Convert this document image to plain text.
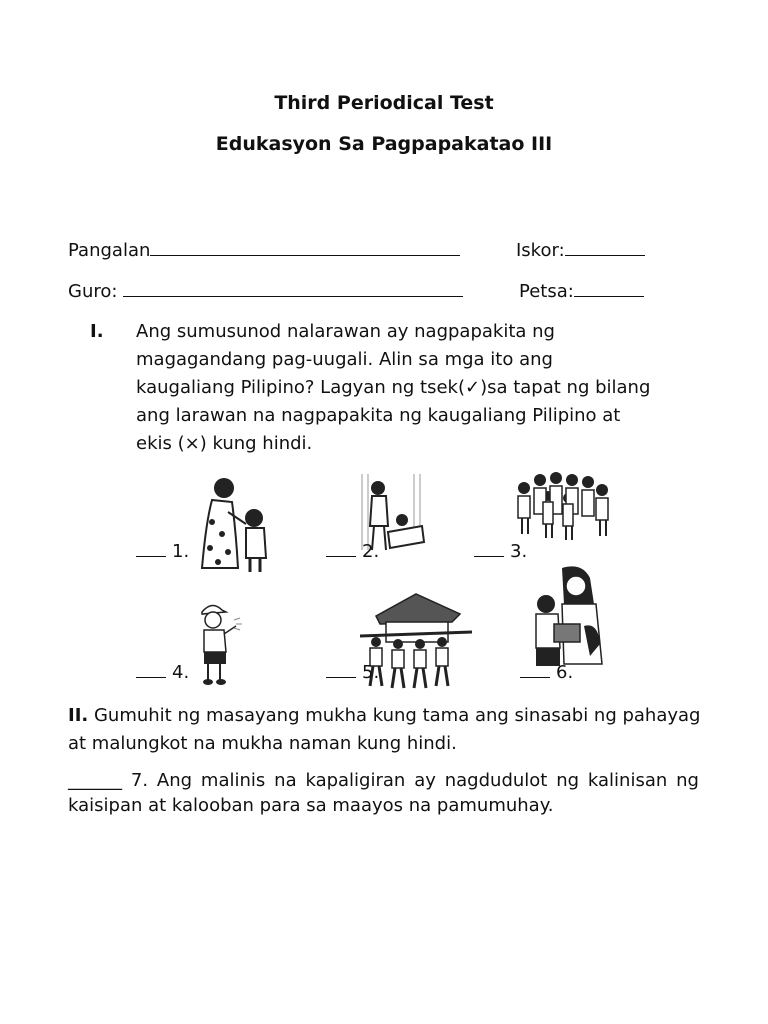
Third Periodical Test
Edukasyon Sa Pagpapakatao III
Pangalan	Iskor:
Guro:	Petsa:
I. Ang sumusunod nalarawan ay nagpapakita ng magagandang pag-uugali. Alin sa mga ito ang kaugaliang Pilipino? Lagyan ng tsek(✓)sa tapat ng bilang ang larawan na nagpapakita ng kaugaliang Pilipino at ekis (×) kung hindi.
1.	2.	3.
4.	5.	6.
II. Gumuhit ng masayang mukha kung tama ang sinasabi ng pahayag at malungkot na mukha naman kung hindi.
______ 7. Ang malinis na kapaligiran ay nagdudulot ng kalinisan ng kaisipan at kalooban para sa maayos na pamumuhay.
